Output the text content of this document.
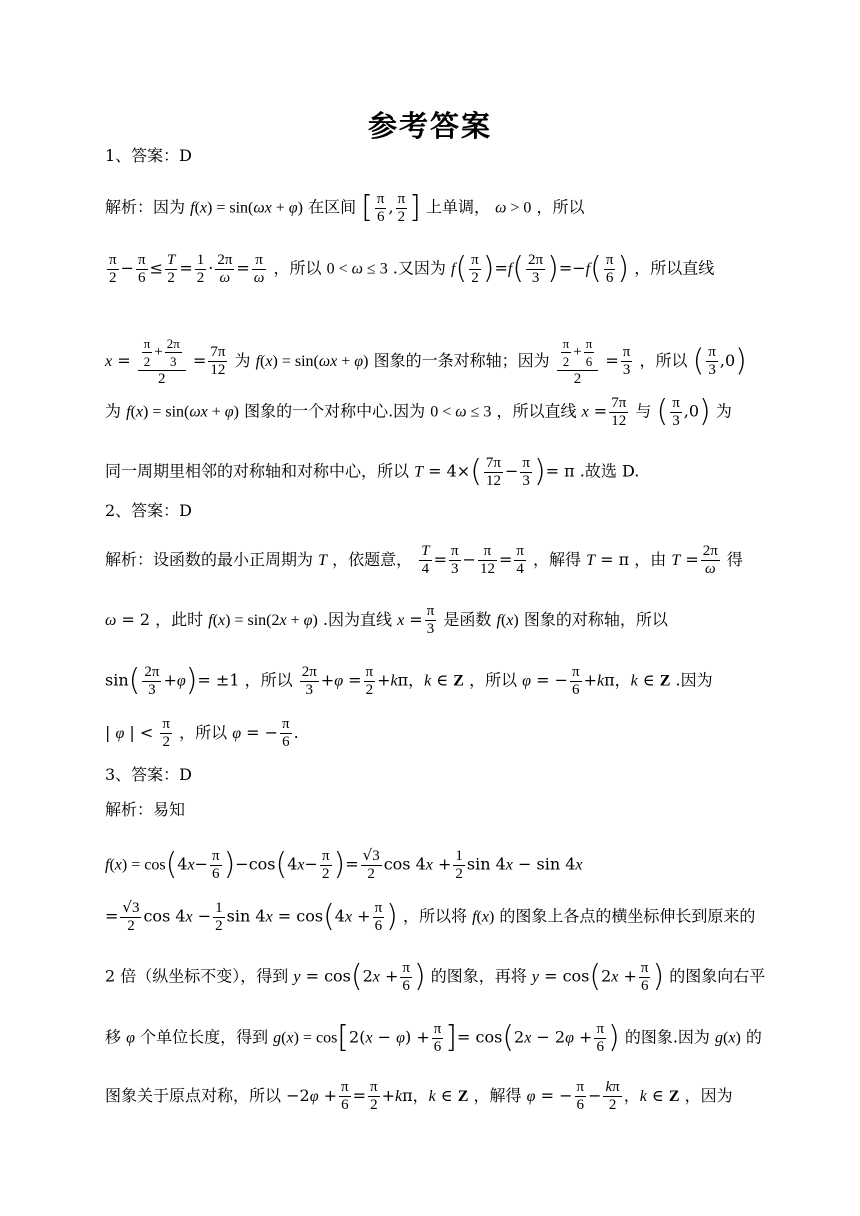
参考答案
1、答案：D
解析：因为 f(x) = sin(ωx + φ) 在区间 [ $\frac{\pi}{6}$ , $\frac{\pi}{2}$ ] 上单调， ω > 0 ，所以
$\frac{\pi}{2} - \frac{\pi}{6} \le \frac{T}{2} = \frac{1}{2} \cdot \frac{2\pi}{\omega} = \frac{\pi}{\omega}$ ，所以 0 < ω ≤ 3 .又因为 $f( \frac{\pi}{2} )=f( \frac{2\pi}{3} )=-f( \frac{\pi}{6}$ ) ，所以直线
$x = \frac{\frac{\pi}{2} + \frac{2\pi}{3}}{2} = \frac{7\pi}{12}$ 为 f(x) = sin(ωx + φ) 图象的一条对称轴；因为 $\frac{\frac{\pi}{2} + \frac{\pi}{6}}{2} = \frac{\pi}{3}$ ，所以 ( $\frac{\pi}{3} ,0$)
为 f(x) = sin(ωx + φ) 图象的一个对称中心.因为 0 < ω ≤ 3 ，所以直线 $x = \frac{7\pi}{12}$ 与 ( $\frac{\pi}{3} ,0$) 为
同一周期里相邻的对称轴和对称中心，所以 $T = 4\times( \frac{7\pi}{12} - \frac{\pi}{3}$ )= π .故选 D.
2、答案：D
解析：设函数的最小正周期为 T ，依题意， $\frac{T}{4} = \frac{\pi}{3} - \frac{\pi}{12} = \frac{\pi}{4}$ ，解得 T = π ，由 $T = \frac{2\pi}{\omega}$ 得
ω = 2 ，此时 f(x) = sin(2x + φ) .因为直线 $x = \frac{\pi}{3}$ 是函数 f(x) 图象的对称轴，所以
$\sin( \frac{2\pi}{3} +\varphi)= \pm 1$ ，所以 $\frac{2\pi}{3} +\varphi = \frac{\pi}{2} +k\pi$，k ∈ Z ，所以 φ = − $\frac{\pi}{6} +k\pi$，k ∈ Z .因为
| φ | < $\frac{\pi}{2}$ ，所以 φ = − $\frac{\pi}{6}$ .
3、答案：D
解析：易知
$f(x) = \cos(4x- \frac{\pi}{6} )-\cos(4x- \frac{\pi}{2}$ )= $\frac{√3}{2}$ $\cos 4x + \frac{1}{2}$ sin 4x − sin 4x
= $\frac{√3}{2}$ $\cos 4x - \frac{1}{2}$ $\sin 4x = \cos(4x + \frac{\pi}{6}$ ) ，所以将 f(x) 的图象上各点的横坐标伸长到原来的
2 倍（纵坐标不变），得到 $y = \cos(2x + \frac{\pi}{6}$ ) 的图象，再将 $y = \cos(2x + \frac{\pi}{6}$ ) 的图象向右平
移 φ 个单位长度，得到 $g(x) = \cos[2(x - \varphi) + \frac{\pi}{6}$ ]= $\cos(2x - 2\varphi + \frac{\pi}{6}$ ) 的图象.因为 g(x) 的
图象关于原点对称，所以 $-2\varphi + \frac{\pi}{6} = \frac{\pi}{2} +k\pi$，k ∈ Z ，解得 φ = − $\frac{\pi}{6} - \frac{k\pi}{2}$ ，k ∈ Z ，因为
